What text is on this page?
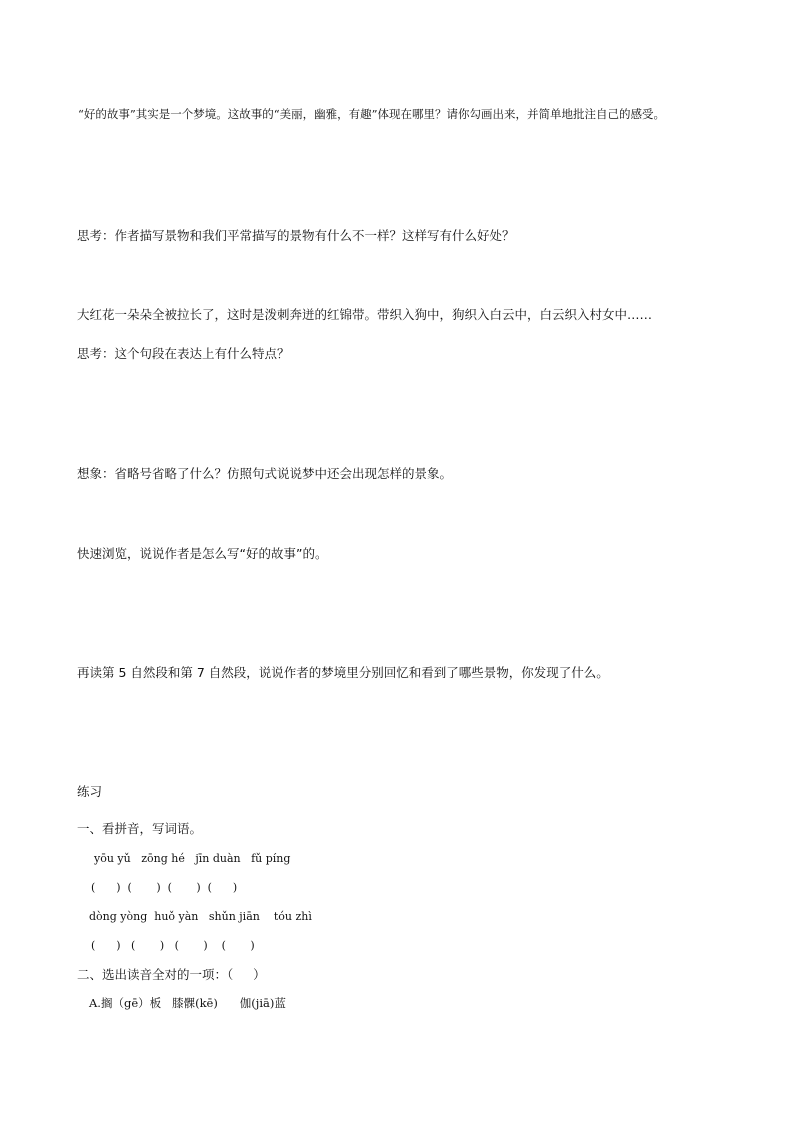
“好的故事”其实是一个梦境。这故事的“美丽，幽雅，有趣”体现在哪里？请你勾画出来，并简单地批注自己的感受。
思考：作者描写景物和我们平常描写的景物有什么不一样？这样写有什么好处？
大红花一朵朵全被拉长了，这时是泼刺奔迸的红锦带。带织入狗中，狗织入白云中，白云织入村女中……
思考：这个句段在表达上有什么特点？
想象：省略号省略了什么？仿照句式说说梦中还会出现怎样的景象。
快速浏览，说说作者是怎么写“好的故事”的。
再读第 5 自然段和第 7 自然段，说说作者的梦境里分别回忆和看到了哪些景物，你发现了什么。
练习
一、看拼音，写词语。
yōu yǔ   zōng hé   jīn duàn   fǔ píng
(      )  (       )  (       )  (      )
dòng yòng  huǒ yàn   shǔn jiān    tóu zhì
(      )   (       )   (       )    (       )
二、选出读音全对的一项：（     ）
A.搁（gē）板   膝髁(kē)      伽(jiā)蓝
